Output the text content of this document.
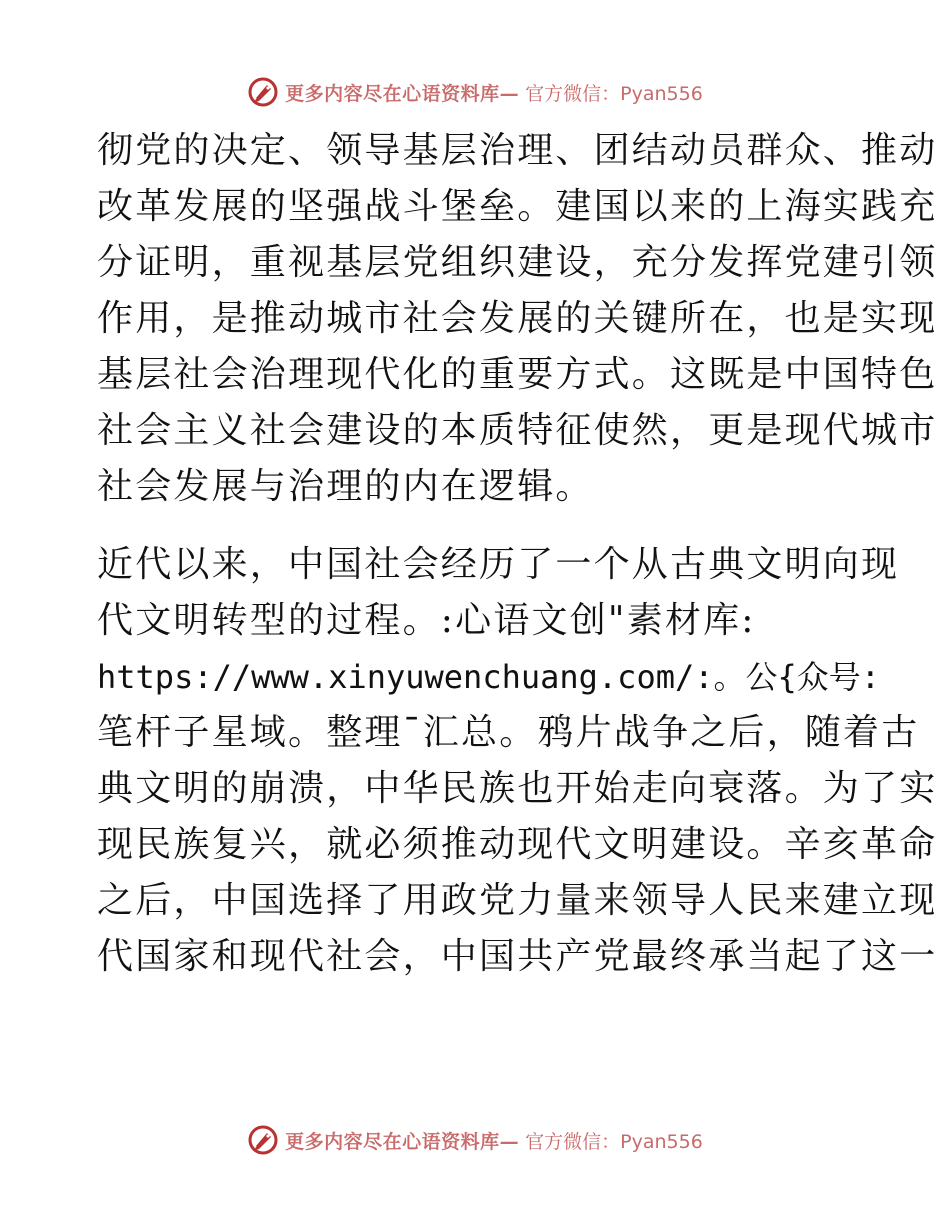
更多内容尽在心语资料库— 官方微信：Pyan556
彻党的决定、领导基层治理、团结动员群众、推动
改革发展的坚强战斗堡垒。建国以来的上海实践充
分证明，重视基层党组织建设，充分发挥党建引领
作用，是推动城市社会发展的关键所在，也是实现
基层社会治理现代化的重要方式。这既是中国特色
社会主义社会建设的本质特征使然，更是现代城市
社会发展与治理的内在逻辑。
近代以来，中国社会经历了一个从古典文明向现
代文明转型的过程。:心语文创"素材库:
https://www.xinyuwenchuang.com/:。公{众号:
笔杆子星域。整理¯汇总。鸦片战争之后，随着古
典文明的崩溃，中华民族也开始走向衰落。为了实
现民族复兴，就必须推动现代文明建设。辛亥革命
之后，中国选择了用政党力量来领导人民来建立现
代国家和现代社会，中国共产党最终承当起了这一
更多内容尽在心语资料库— 官方微信：Pyan556
